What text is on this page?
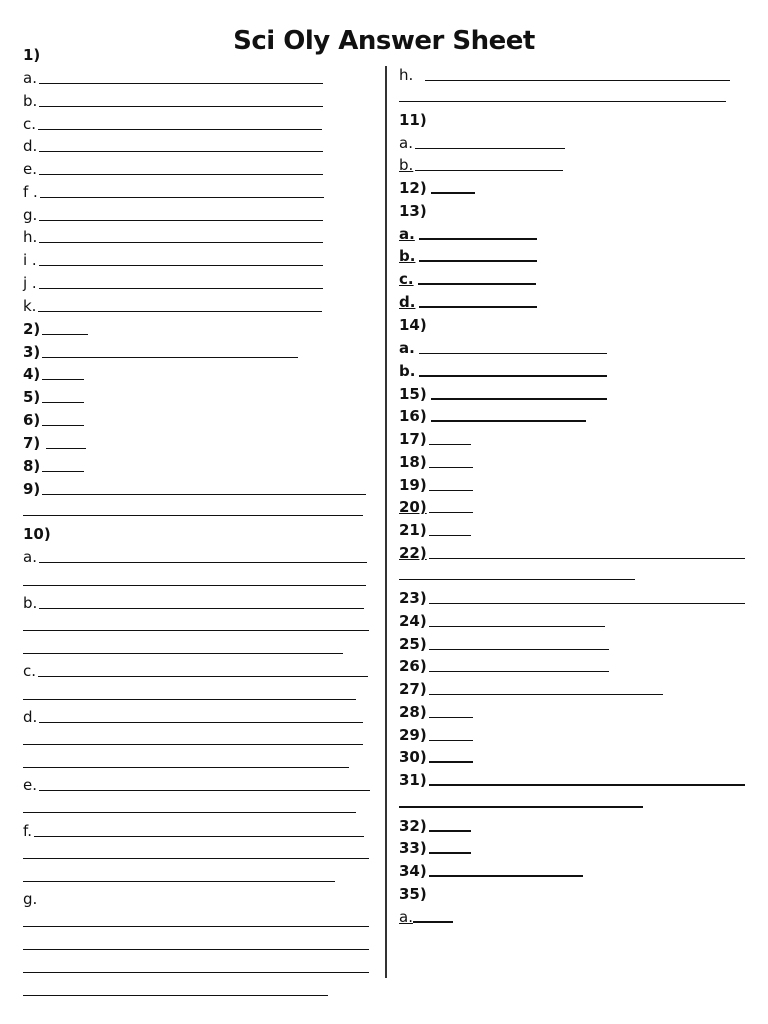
Sci Oly Answer Sheet
1)
a.
b.
c.
d.
e.
f .
g.
h.
i .
j .
k.
2)
3)
4)
5)
6)
7)
8)
9)
10)
a.
b.
c.
d.
e.
f.
g.
h.
11)
a.
b.
12)
13)
a.
b.
c.
d.
14)
a.
b.
15)
16)
17)
18)
19)
20)
21)
22)
23)
24)
25)
26)
27)
28)
29)
30)
31)
32)
33)
34)
35)
a.
